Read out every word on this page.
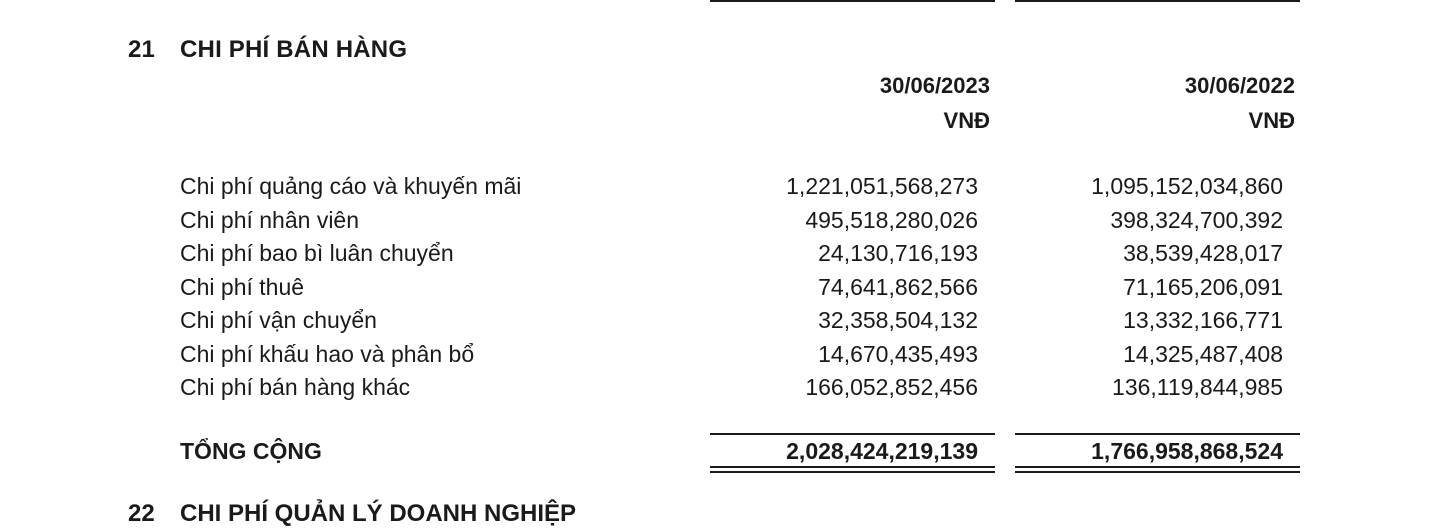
21 CHI PHÍ BÁN HÀNG
30/06/2023
VNĐ
30/06/2022
VNĐ
Chi phí quảng cáo và khuyến mãi	1,221,051,568,273	1,095,152,034,860
Chi phí nhân viên	495,518,280,026	398,324,700,392
Chi phí bao bì luân chuyển	24,130,716,193	38,539,428,017
Chi phí thuê	74,641,862,566	71,165,206,091
Chi phí vận chuyển	32,358,504,132	13,332,166,771
Chi phí khấu hao và phân bổ	14,670,435,493	14,325,487,408
Chi phí bán hàng khác	166,052,852,456	136,119,844,985
TỔNG CỘNG	2,028,424,219,139	1,766,958,868,524
22 CHI PHÍ QUẢN LÝ DOANH NGHIỆP
